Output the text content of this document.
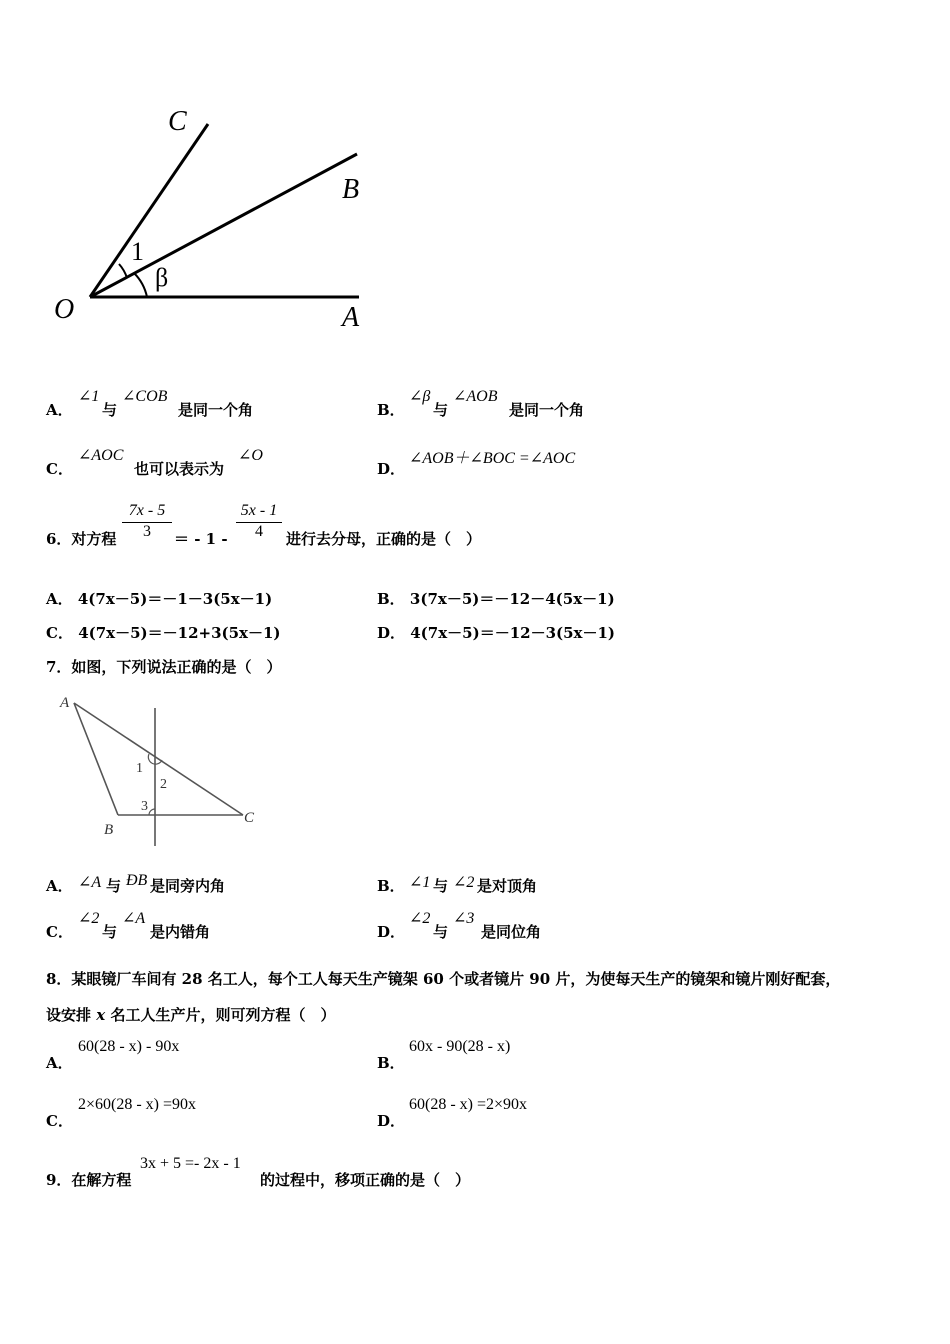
C
B
O	A
1
β
A．
∠1
与
∠COB
是同一个角	B．
∠β
与
∠AOB
是同一个角
C．
∠AOC
也可以表示为
∠O
D．
∠AOB＋∠BOC =∠AOC
6．对方程
7x - 5
3	＝ - 1 -
5x - 1
4	进行去分母，正确的是（　）
A． 4(7x－5)＝－1－3(5x－1)	B． 3(7x－5)＝－12－4(5x－1)
C． 4(7x－5)＝－12+3(5x－1)	D． 4(7x－5)＝－12－3(5x－1)
7．如图，下列说法正确的是（　）
A
B
C
1
2
3
A． ∠A 与 ÐB 是同旁内角	B． ∠1 与 ∠2 是对顶角
C．
∠2
与
∠A
是内错角	D．
∠2
与
∠3
是同位角
8．某眼镜厂车间有 28 名工人，每个工人每天生产镜架 60 个或者镜片 90 片，为使每天生产的镜架和镜片刚好配套，
设安排 x 名工人生产片，则可列方程（　）
A．
60(28 - x) - 90x
B．
60x - 90(28 - x)
C．
2×60(28 - x) =90x
D．
60(28 - x) =2×90x
9．在解方程
3x + 5 =- 2x - 1
的过程中，移项正确的是（　）
